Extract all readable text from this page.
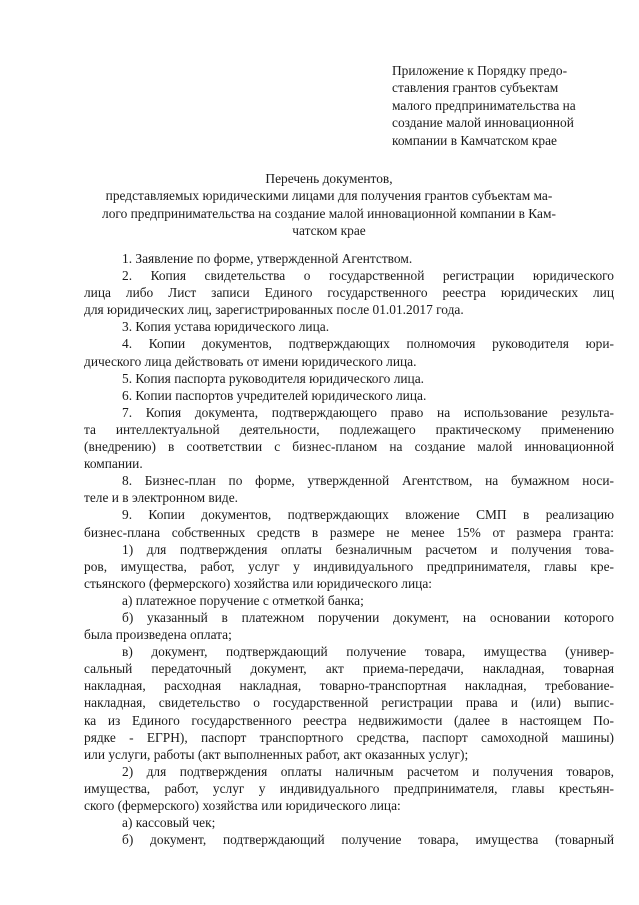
Приложение к Порядку предо-
ставления грантов субъектам
малого предпринимательства на
создание малой инновационной
компании в Камчатском крае
Перечень документов,
представляемых юридическими лицами для получения грантов субъектам ма-
лого предпринимательства на создание малой инновационной компании в Кам-
чатском крае
1. Заявление по форме, утвержденной Агентством.
2. Копия свидетельства о государственной регистрации юридического
лица либо Лист записи Единого государственного реестра юридических лиц
для юридических лиц, зарегистрированных после 01.01.2017 года.
3. Копия устава юридического лица.
4. Копии документов, подтверждающих полномочия руководителя юри-
дического лица действовать от имени юридического лица.
5. Копия паспорта руководителя юридического лица.
6. Копии паспортов учредителей юридического лица.
7. Копия документа, подтверждающего право на использование результа-
та интеллектуальной деятельности, подлежащего практическому применению
(внедрению) в соответствии с бизнес-планом на создание малой инновационной
компании.
8. Бизнес-план по форме, утвержденной Агентством, на бумажном носи-
теле и в электронном виде.
9. Копии документов, подтверждающих вложение СМП в реализацию
бизнес-плана собственных средств в размере не менее 15% от размера гранта:
1) для подтверждения оплаты безналичным расчетом и получения това-
ров, имущества, работ, услуг у индивидуального предпринимателя, главы кре-
стьянского (фермерского) хозяйства или юридического лица:
а) платежное поручение с отметкой банка;
б) указанный в платежном поручении документ, на основании которого
была произведена оплата;
в) документ, подтверждающий получение товара, имущества (универ-
сальный передаточный документ, акт приема-передачи, накладная, товарная
накладная, расходная накладная, товарно-транспортная накладная, требование-
накладная, свидетельство о государственной регистрации права и (или) выпис-
ка из Единого государственного реестра недвижимости (далее в настоящем По-
рядке - ЕГРН), паспорт транспортного средства, паспорт самоходной машины)
или услуги, работы (акт выполненных работ, акт оказанных услуг);
2) для подтверждения оплаты наличным расчетом и получения товаров,
имущества, работ, услуг у индивидуального предпринимателя, главы крестьян-
ского (фермерского) хозяйства или юридического лица:
а) кассовый чек;
б) документ, подтверждающий получение товара, имущества (товарный
